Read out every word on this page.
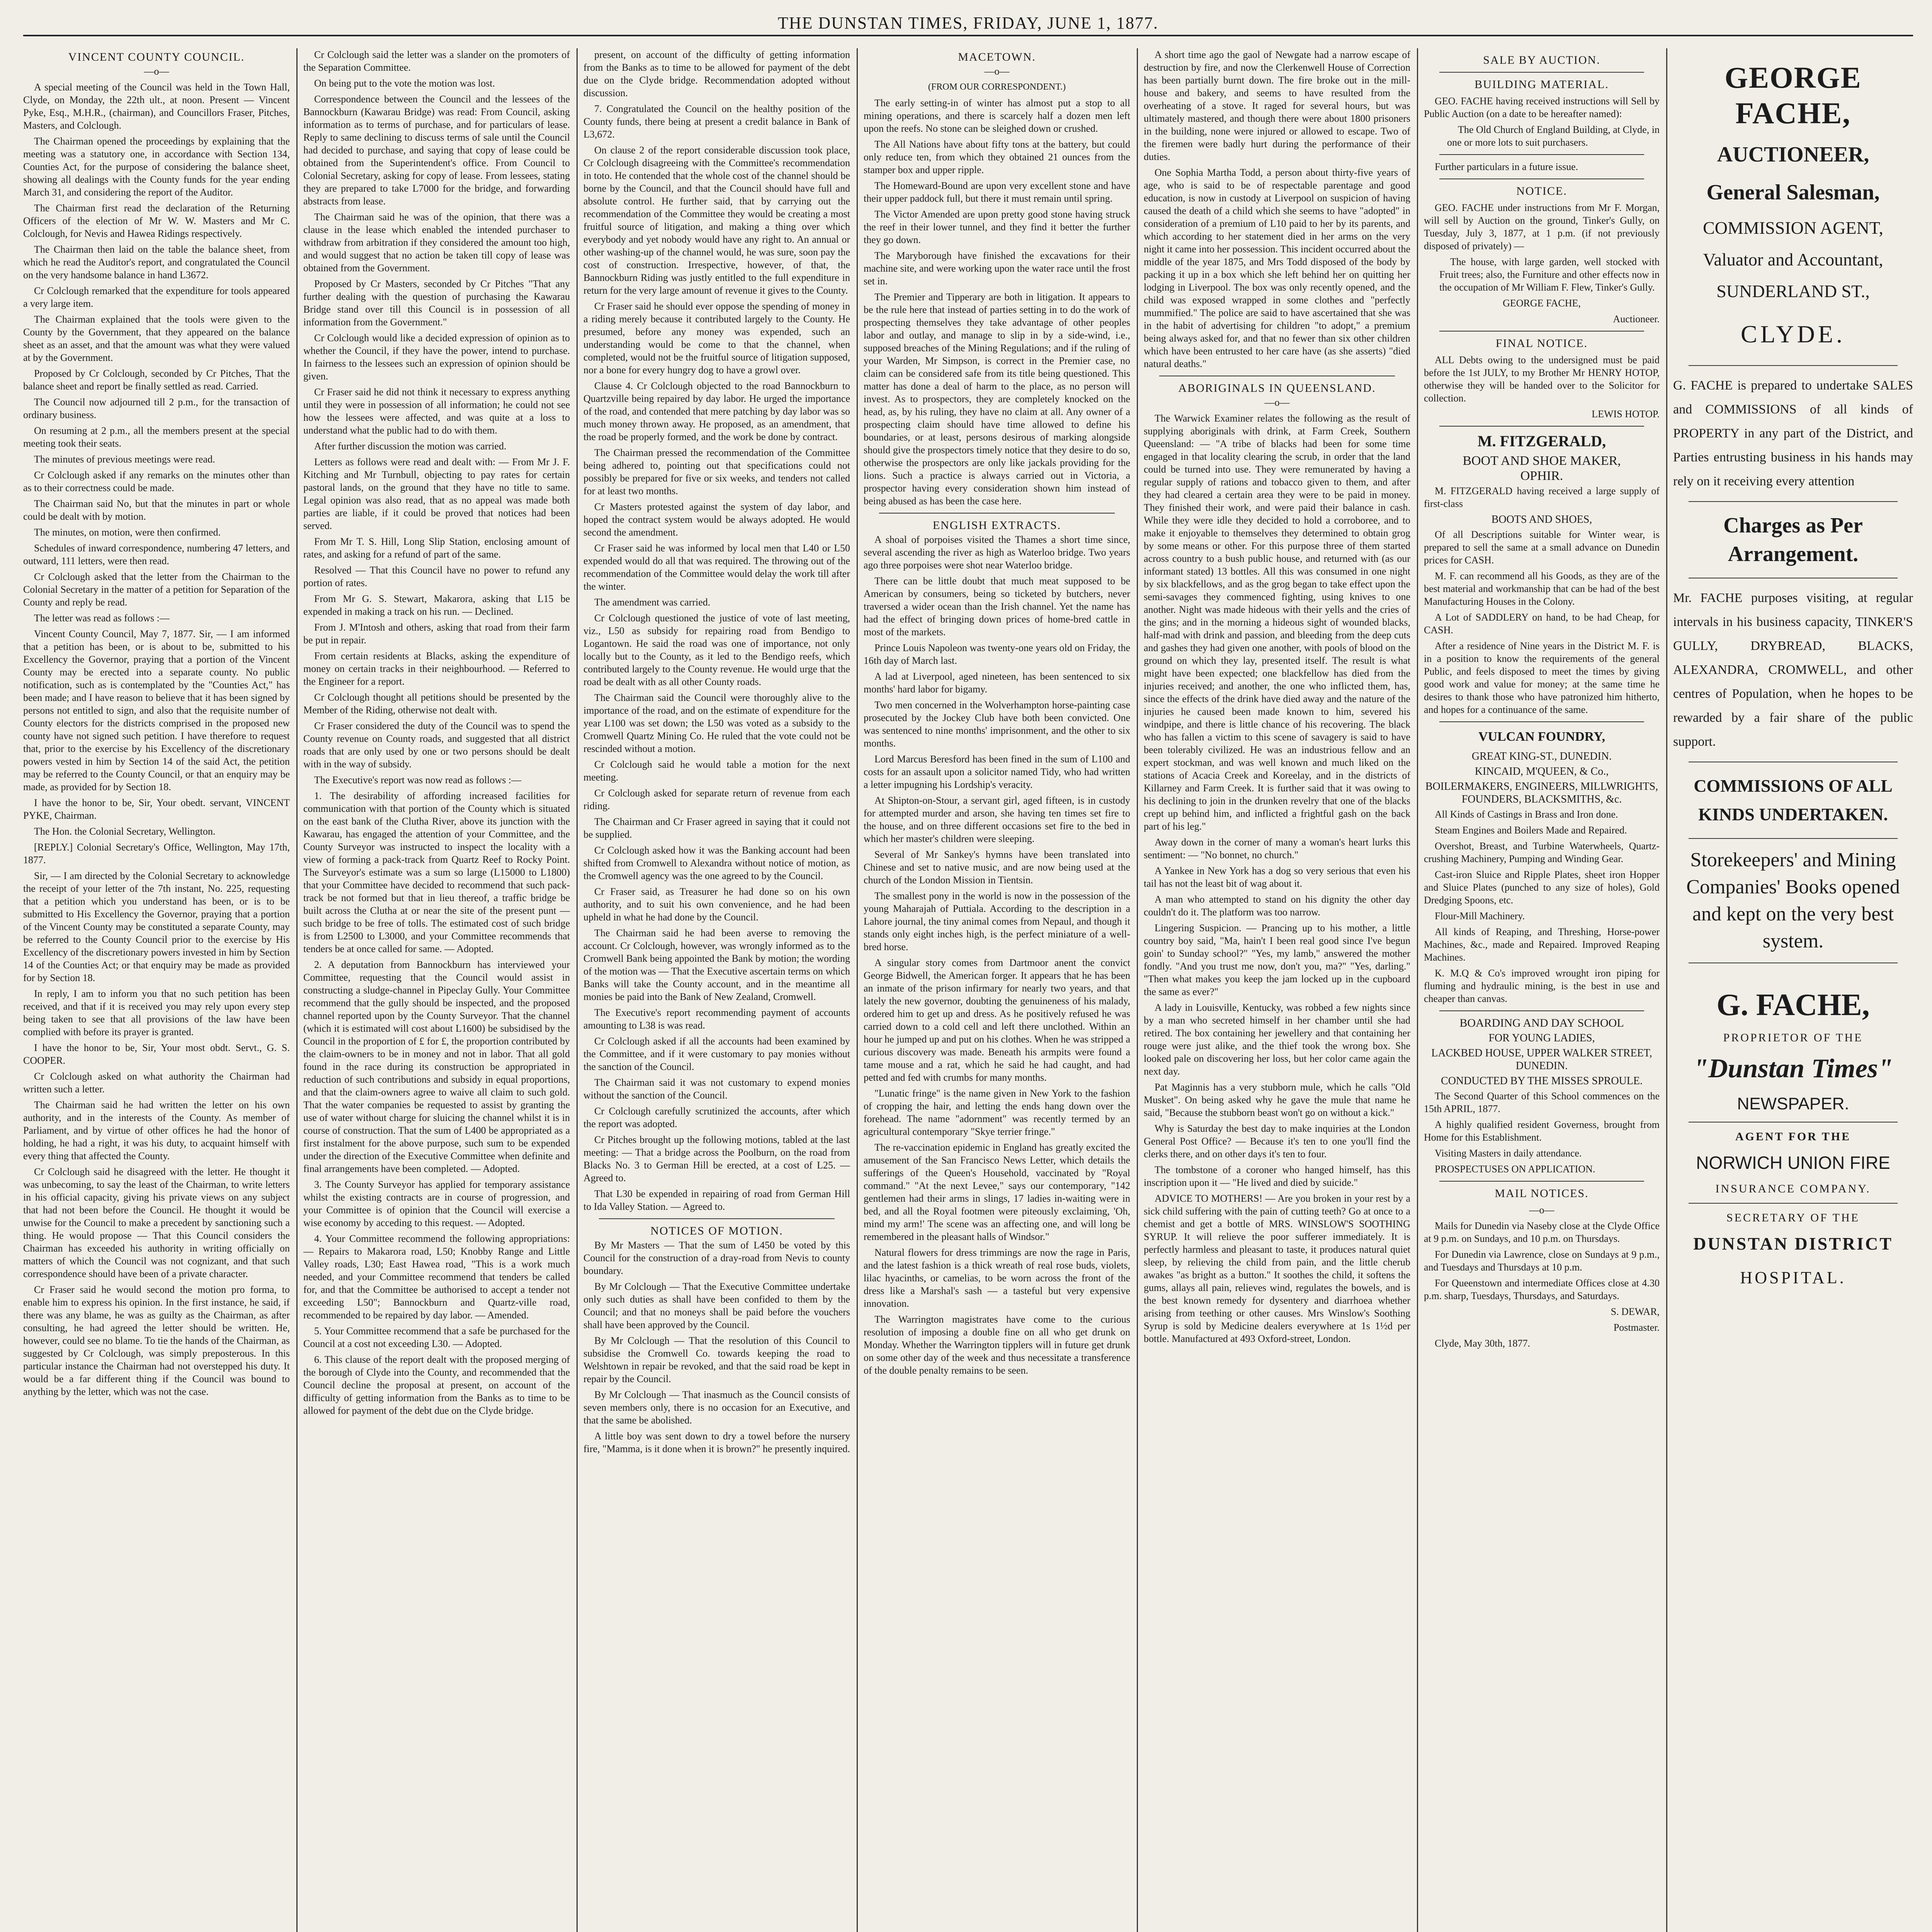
THE DUNSTAN TIMES, FRIDAY, JUNE 1, 1877.
VINCENT COUNTY COUNCIL.
—o—

A special meeting of the Council was held in the Town Hall, Clyde, on Monday, the 22th ult., at noon. Present — Vincent Pyke, Esq., M.H.R., (chairman), and Councillors Fraser, Pitches, Masters, and Colclough.

The Chairman opened the proceedings by explaining that the meeting was a statutory one, in accordance with Section 134, Counties Act, for the purpose of considering the balance sheet, showing all dealings with the County funds for the year ending March 31, and considering the report of the Auditor.

The Chairman first read the declaration of the Returning Officers of the election of Mr W. W. Masters and Mr C. Colclough, for Nevis and Hawea Ridings respectively.

The Chairman then laid on the table the balance sheet, from which he read the Auditor's report, and congratulated the Council on the very handsome balance in hand L3672.

Cr Colclough remarked that the expenditure for tools appeared a very large item.

The Chairman explained that the tools were given to the County by the Government, that they appeared on the balance sheet as an asset, and that the amount was what they were valued at by the Government.

Proposed by Cr Colclough, seconded by Cr Pitches, That the balance sheet and report be finally settled as read. Carried.

The Council now adjourned till 2 p.m., for the transaction of ordinary business.

On resuming at 2 p.m., all the members present at the special meeting took their seats.

The minutes of previous meetings were read.

Cr Colclough asked if any remarks on the minutes other than as to their correctness could be made.

The Chairman said No, but that the minutes in part or whole could be dealt with by motion.

The minutes, on motion, were then confirmed.

Schedules of inward correspondence, numbering 47 letters, and outward, 111 letters, were then read.

Cr Colclough asked that the letter from the Chairman to the Colonial Secretary in the matter of a petition for Separation of the County and reply be read.

The letter was read as follows :—

Vincent County Council, May 7, 1877. Sir, — I am informed that a petition has been, or is about to be, submitted to his Excellency the Governor, praying that a portion of the Vincent County may be erected into a separate county. No public notification, such as is contemplated by the "Counties Act," has been made; and I have reason to believe that it has been signed by persons not entitled to sign, and also that the requisite number of County electors for the districts comprised in the proposed new county have not signed such petition. I have therefore to request that, prior to the exercise by his Excellency of the discretionary powers vested in him by Section 14 of the said Act, the petition may be referred to the County Council, or that an enquiry may be made, as provided for by Section 18.

I have the honor to be, Sir, Your obedt. servant, VINCENT PYKE, Chairman.

The Hon. the Colonial Secretary, Wellington.

[REPLY.] Colonial Secretary's Office, Wellington, May 17th, 1877.

Sir, — I am directed by the Colonial Secretary to acknowledge the receipt of your letter of the 7th instant, No. 225, requesting that a petition which you understand has been, or is to be submitted to His Excellency the Governor, praying that a portion of the Vincent County may be constituted a separate County, may be referred to the County Council prior to the exercise by His Excellency of the discretionary powers invested in him by Section 14 of the Counties Act; or that enquiry may be made as provided for by Section 18.

In reply, I am to inform you that no such petition has been received, and that if it is received you may rely upon every step being taken to see that all provisions of the law have been complied with before its prayer is granted.

I have the honor to be, Sir, Your most obdt. Servt., G. S. COOPER.

Cr Colclough asked on what authority the Chairman had written such a letter.

The Chairman said he had written the letter on his own authority, and in the interests of the County. As member of Parliament, and by virtue of other offices he had the honor of holding, he had a right, it was his duty, to acquaint himself with every thing that affected the County.

Cr Colclough said he disagreed with the letter. He thought it was unbecoming, to say the least of the Chairman, to write letters in his official capacity, giving his private views on any subject that had not been before the Council. He thought it would be unwise for the Council to make a precedent by sanctioning such a thing. He would propose — That this Council considers the Chairman has exceeded his authority in writing officially on matters of which the Council was not cognizant, and that such correspondence should have been of a private character.

Cr Fraser said he would second the motion pro forma, to enable him to express his opinion. In the first instance, he said, if there was any blame, he was as guilty as the Chairman, as after consulting, he had agreed the letter should be written. He, however, could see no blame. To tie the hands of the Chairman, as suggested by Cr Colclough, was simply preposterous. In this particular instance the Chairman had not overstepped his duty. It would be a far different thing if the Council was bound to anything by the letter, which was not the case.

Cr Colclough said the letter was a slander on the promoters of the Separation Committee.

On being put to the vote the motion was lost.

Correspondence between the Council and the lessees of the Bannockburn (Kawarau Bridge) was read: From Council, asking information as to terms of purchase, and for particulars of lease. Reply to same declining to discuss terms of sale until the Council had decided to purchase, and saying that copy of lease could be obtained from the Superintendent's office. From Council to Colonial Secretary, asking for copy of lease. From lessees, stating they are prepared to take L7000 for the bridge, and forwarding abstracts from lease.

The Chairman said he was of the opinion, that there was a clause in the lease which enabled the intended purchaser to withdraw from arbitration if they considered the amount too high, and would suggest that no action be taken till copy of lease was obtained from the Government.

Proposed by Cr Masters, seconded by Cr Pitches "That any further dealing with the question of purchasing the Kawarau Bridge stand over till this Council is in possession of all information from the Government."

Cr Colclough would like a decided expression of opinion as to whether the Council, if they have the power, intend to purchase. In fairness to the lessees such an expression of opinion should be given.

Cr Fraser said he did not think it necessary to express anything until they were in possession of all information; he could not see how the lessees were affected, and was quite at a loss to understand what the public had to do with them.

After further discussion the motion was carried.

Letters as follows were read and dealt with: — From Mr J. F. Kitching and Mr Turnbull, objecting to pay rates for certain pastoral lands, on the ground that they have no title to same. Legal opinion was also read, that as no appeal was made both parties are liable, if it could be proved that notices had been served.

From Mr T. S. Hill, Long Slip Station, enclosing amount of rates, and asking for a refund of part of the same.

Resolved — That this Council have no power to refund any portion of rates.

From Mr G. S. Stewart, Makarora, asking that L15 be expended in making a track on his run. — Declined.

From J. M'Intosh and others, asking that road from their farm be put in repair.

From certain residents at Blacks, asking the expenditure of money on certain tracks in their neighbourhood. — Referred to the Engineer for a report.

Cr Colclough thought all petitions should be presented by the Member of the Riding, otherwise not dealt with.

Cr Fraser considered the duty of the Council was to spend the County revenue on County roads, and suggested that all district roads that are only used by one or two persons should be dealt with in the way of subsidy.

The Executive's report was now read as follows :—

1. The desirability of affording increased facilities for communication with that portion of the County which is situated on the east bank of the Clutha River, above its junction with the Kawarau, has engaged the attention of your Committee, and the County Surveyor was instructed to inspect the locality with a view of forming a pack-track from Quartz Reef to Rocky Point. The Surveyor's estimate was a sum so large (L15000 to L1800) that your Committee have decided to recommend that such pack-track be not formed but that in lieu thereof, a traffic bridge be built across the Clutha at or near the site of the present punt — such bridge to be free of tolls. The estimated cost of such bridge is from L2500 to L3000, and your Committee recommends that tenders be at once called for same. — Adopted.

2. A deputation from Bannockburn has interviewed your Committee, requesting that the Council would assist in constructing a sludge-channel in Pipeclay Gully. Your Committee recommend that the gully should be inspected, and the proposed channel reported upon by the County Surveyor. That the channel (which it is estimated will cost about L1600) be subsidised by the Council in the proportion of £ for £, the proportion contributed by the claim-owners to be in money and not in labor. That all gold found in the race during its construction be appropriated in reduction of such contributions and subsidy in equal proportions, and that the claim-owners agree to waive all claim to such gold. That the water companies be requested to assist by granting the use of water without charge for sluicing the channel whilst it is in course of construction. That the sum of L400 be appropriated as a first instalment for the above purpose, such sum to be expended under the direction of the Executive Committee when definite and final arrangements have been completed. — Adopted.

3. The County Surveyor has applied for temporary assistance whilst the existing contracts are in course of progression, and your Committee is of opinion that the Council will exercise a wise economy by acceding to this request. — Adopted.

4. Your Committee recommend the following appropriations: — Repairs to Makarora road, L50; Knobby Range and Little Valley roads, L30; East Hawea road, "This is a work much needed, and your Committee recommend that tenders be called for, and that the Committee be authorised to accept a tender not exceeding L50"; Bannockburn and Quartz-ville road, recommended to be repaired by day labor. — Amended.

5. Your Committee recommend that a safe be purchased for the Council at a cost not exceeding L30. — Adopted.

6. This clause of the report dealt with the proposed merging of the borough of Clyde into the County, and recommended that the Council decline the proposal at present, on account of the difficulty of getting information from the Banks as to time to be allowed for payment of the debt due on the Clyde bridge.

present, on account of the difficulty of getting information from the Banks as to time to be allowed for payment of the debt due on the Clyde bridge. Recommendation adopted without discussion.

7. Congratulated the Council on the healthy position of the County funds, there being at present a credit balance in Bank of L3,672.

On clause 2 of the report considerable discussion took place, Cr Colclough disagreeing with the Committee's recommendation in toto. He contended that the whole cost of the channel should be borne by the Council, and that the Council should have full and absolute control. He further said, that by carrying out the recommendation of the Committee they would be creating a most fruitful source of litigation, and making a thing over which everybody and yet nobody would have any right to. An annual or other washing-up of the channel would, he was sure, soon pay the cost of construction. Irrespective, however, of that, the Bannockburn Riding was justly entitled to the full expenditure in return for the very large amount of revenue it gives to the County.

Cr Fraser said he should ever oppose the spending of money in a riding merely because it contributed largely to the County. He presumed, before any money was expended, such an understanding would be come to that the channel, when completed, would not be the fruitful source of litigation supposed, nor a bone for every hungry dog to have a growl over.

Clause 4. Cr Colclough objected to the road Bannockburn to Quartzville being repaired by day labor. He urged the importance of the road, and contended that mere patching by day labor was so much money thrown away. He proposed, as an amendment, that the road be properly formed, and the work be done by contract.

The Chairman pressed the recommendation of the Committee being adhered to, pointing out that specifications could not possibly be prepared for five or six weeks, and tenders not called for at least two months.

Cr Masters protested against the system of day labor, and hoped the contract system would be always adopted. He would second the amendment.

Cr Fraser said he was informed by local men that L40 or L50 expended would do all that was required. The throwing out of the recommendation of the Committee would delay the work till after the winter.

The amendment was carried.

Cr Colclough questioned the justice of vote of last meeting, viz., L50 as subsidy for repairing road from Bendigo to Logantown. He said the road was one of importance, not only locally but to the County, as it led to the Bendigo reefs, which contributed largely to the County revenue. He would urge that the road be dealt with as all other County roads.

The Chairman said the Council were thoroughly alive to the importance of the road, and on the estimate of expenditure for the year L100 was set down; the L50 was voted as a subsidy to the Cromwell Quartz Mining Co. He ruled that the vote could not be rescinded without a motion.

Cr Colclough said he would table a motion for the next meeting.

Cr Colclough asked for separate return of revenue from each riding.

The Chairman and Cr Fraser agreed in saying that it could not be supplied.

Cr Colclough asked how it was the Banking account had been shifted from Cromwell to Alexandra without notice of motion, as the Cromwell agency was the one agreed to by the Council.

Cr Fraser said, as Treasurer he had done so on his own authority, and to suit his own convenience, and he had been upheld in what he had done by the Council.

The Chairman said he had been averse to removing the account. Cr Colclough, however, was wrongly informed as to the Cromwell Bank being appointed the Bank by motion; the wording of the motion was — That the Executive ascertain terms on which Banks will take the County account, and in the meantime all monies be paid into the Bank of New Zealand, Cromwell.

The Executive's report recommending payment of accounts amounting to L38 is was read.

Cr Colclough asked if all the accounts had been examined by the Committee, and if it were customary to pay monies without the sanction of the Council.

The Chairman said it was not customary to expend monies without the sanction of the Council.

Cr Colclough carefully scrutinized the accounts, after which the report was adopted.

Cr Pitches brought up the following motions, tabled at the last meeting: — That a bridge across the Poolburn, on the road from Blacks No. 3 to German Hill be erected, at a cost of L25. — Agreed to.

That L30 be expended in repairing of road from German Hill to Ida Valley Station. — Agreed to.

NOTICES OF MOTION.

By Mr Masters — That the sum of L450 be voted by this Council for the construction of a dray-road from Nevis to county boundary.

By Mr Colclough — That the Executive Committee undertake only such duties as shall have been confided to them by the Council; and that no moneys shall be paid before the vouchers shall have been approved by the Council.

By Mr Colclough — That the resolution of this Council to subsidise the Cromwell Co. towards keeping the road to Welshtown in repair be revoked, and that the said road be kept in repair by the Council.

By Mr Colclough — That inasmuch as the Council consists of seven members only, there is no occasion for an Executive, and that the same be abolished.

A little boy was sent down to dry a towel before the nursery fire, "Mamma, is it done when it is brown?" he presently inquired.

MACETOWN.
—o—
(FROM OUR CORRESPONDENT.)

The early setting-in of winter has almost put a stop to all mining operations, and there is scarcely half a dozen men left upon the reefs. No stone can be sleighed down or crushed.

The All Nations have about fifty tons at the battery, but could only reduce ten, from which they obtained 21 ounces from the stamper box and upper ripple.

The Homeward-Bound are upon very excellent stone and have their upper paddock full, but there it must remain until spring.

The Victor Amended are upon pretty good stone having struck the reef in their lower tunnel, and they find it better the further they go down.

The Maryborough have finished the excavations for their machine site, and were working upon the water race until the frost set in.

The Premier and Tipperary are both in litigation. It appears to be the rule here that instead of parties setting in to do the work of prospecting themselves they take advantage of other peoples labor and outlay, and manage to slip in by a side-wind, i.e., supposed breaches of the Mining Regulations; and if the ruling of your Warden, Mr Simpson, is correct in the Premier case, no claim can be considered safe from its title being questioned. This matter has done a deal of harm to the place, as no person will invest. As to prospectors, they are completely knocked on the head, as, by his ruling, they have no claim at all. Any owner of a prospecting claim should have time allowed to define his boundaries, or at least, persons desirous of marking alongside should give the prospectors timely notice that they desire to do so, otherwise the prospectors are only like jackals providing for the lions. Such a practice is always carried out in Victoria, a prospector having every consideration shown him instead of being abused as has been the case here.

ENGLISH EXTRACTS.

A shoal of porpoises visited the Thames a short time since, several ascending the river as high as Waterloo bridge. Two years ago three porpoises were shot near Waterloo bridge.

There can be little doubt that much meat supposed to be American by consumers, being so ticketed by butchers, never traversed a wider ocean than the Irish channel. Yet the name has had the effect of bringing down prices of home-bred cattle in most of the markets.

Prince Louis Napoleon was twenty-one years old on Friday, the 16th day of March last.

A lad at Liverpool, aged nineteen, has been sentenced to six months' hard labor for bigamy.

Two men concerned in the Wolverhampton horse-painting case prosecuted by the Jockey Club have both been convicted. One was sentenced to nine months' imprisonment, and the other to six months.

Lord Marcus Beresford has been fined in the sum of L100 and costs for an assault upon a solicitor named Tidy, who had written a letter impugning his Lordship's veracity.

At Shipton-on-Stour, a servant girl, aged fifteen, is in custody for attempted murder and arson, she having ten times set fire to the house, and on three different occasions set fire to the bed in which her master's children were sleeping.

Several of Mr Sankey's hymns have been translated into Chinese and set to native music, and are now being used at the church of the London Mission in Tientsin.

The smallest pony in the world is now in the possession of the young Maharajah of Puttiala. According to the description in a Lahore journal, the tiny animal comes from Nepaul, and though it stands only eight inches high, is the perfect miniature of a well-bred horse.

A singular story comes from Dartmoor anent the convict George Bidwell, the American forger. It appears that he has been an inmate of the prison infirmary for nearly two years, and that lately the new governor, doubting the genuineness of his malady, ordered him to get up and dress. As he positively refused he was carried down to a cold cell and left there unclothed. Within an hour he jumped up and put on his clothes. When he was stripped a curious discovery was made. Beneath his armpits were found a tame mouse and a rat, which he said he had caught, and had petted and fed with crumbs for many months.

"Lunatic fringe" is the name given in New York to the fashion of cropping the hair, and letting the ends hang down over the forehead. The name "adornment" was recently termed by an agricultural contemporary "Skye terrier fringe."

The re-vaccination epidemic in England has greatly excited the amusement of the San Francisco News Letter, which details the sufferings of the Queen's Household, vaccinated by "Royal command." "At the next Levee," says our contemporary, "142 gentlemen had their arms in slings, 17 ladies in-waiting were in bed, and all the Royal footmen were piteously exclaiming, 'Oh, mind my arm!' The scene was an affecting one, and will long be remembered in the pleasant halls of Windsor."

Natural flowers for dress trimmings are now the rage in Paris, and the latest fashion is a thick wreath of real rose buds, violets, lilac hyacinths, or camelias, to be worn across the front of the dress like a Marshal's sash — a tasteful but very expensive innovation.

The Warrington magistrates have come to the curious resolution of imposing a double fine on all who get drunk on Monday. Whether the Warrington tipplers will in future get drunk on some other day of the week and thus necessitate a transference of the double penalty remains to be seen.

A short time ago the gaol of Newgate had a narrow escape of destruction by fire, and now the Clerkenwell House of Correction has been partially burnt down. The fire broke out in the mill-house and bakery, and seems to have resulted from the overheating of a stove. It raged for several hours, but was ultimately mastered, and though there were about 1800 prisoners in the building, none were injured or allowed to escape. Two of the firemen were badly hurt during the performance of their duties.

One Sophia Martha Todd, a person about thirty-five years of age, who is said to be of respectable parentage and good education, is now in custody at Liverpool on suspicion of having caused the death of a child which she seems to have "adopted" in consideration of a premium of L10 paid to her by its parents, and which according to her statement died in her arms on the very night it came into her possession. This incident occurred about the middle of the year 1875, and Mrs Todd disposed of the body by packing it up in a box which she left behind her on quitting her lodging in Liverpool. The box was only recently opened, and the child was exposed wrapped in some clothes and "perfectly mummified." The police are said to have ascertained that she was in the habit of advertising for children "to adopt," a premium being always asked for, and that no fewer than six other children which have been entrusted to her care have (as she asserts) "died natural deaths."

ABORIGINALS IN QUEENSLAND.
—o—

The Warwick Examiner relates the following as the result of supplying aboriginals with drink, at Farm Creek, Southern Queensland: — "A tribe of blacks had been for some time engaged in that locality clearing the scrub, in order that the land could be turned into use. They were remunerated by having a regular supply of rations and tobacco given to them, and after they had cleared a certain area they were to be paid in money. They finished their work, and were paid their balance in cash. While they were idle they decided to hold a corroboree, and to make it enjoyable to themselves they determined to obtain grog by some means or other. For this purpose three of them started across country to a bush public house, and returned with (as our informant stated) 13 bottles. All this was consumed in one night by six blackfellows, and as the grog began to take effect upon the semi-savages they commenced fighting, using knives to one another. Night was made hideous with their yells and the cries of the gins; and in the morning a hideous sight of wounded blacks, half-mad with drink and passion, and bleeding from the deep cuts and gashes they had given one another, with pools of blood on the ground on which they lay, presented itself. The result is what might have been expected; one blackfellow has died from the injuries received; and another, the one who inflicted them, has, since the effects of the drink have died away and the nature of the injuries he caused been made known to him, severed his windpipe, and there is little chance of his recovering. The black who has fallen a victim to this scene of savagery is said to have been tolerably civilized. He was an industrious fellow and an expert stockman, and was well known and much liked on the stations of Acacia Creek and Koreelay, and in the districts of Killarney and Farm Creek. It is further said that it was owing to his declining to join in the drunken revelry that one of the blacks crept up behind him, and inflicted a frightful gash on the back part of his leg."

Away down in the corner of many a woman's heart lurks this sentiment: — "No bonnet, no church."

A Yankee in New York has a dog so very serious that even his tail has not the least bit of wag about it.

A man who attempted to stand on his dignity the other day couldn't do it. The platform was too narrow.

Lingering Suspicion. — Prancing up to his mother, a little country boy said, "Ma, hain't I been real good since I've begun goin' to Sunday school?" "Yes, my lamb," answered the mother fondly. "And you trust me now, don't you, ma?" "Yes, darling." "Then what makes you keep the jam locked up in the cupboard the same as ever?"

A lady in Louisville, Kentucky, was robbed a few nights since by a man who secreted himself in her chamber until she had retired. The box containing her jewellery and that containing her rouge were just alike, and the thief took the wrong box. She looked pale on discovering her loss, but her color came again the next day.

Pat Maginnis has a very stubborn mule, which he calls "Old Musket". On being asked why he gave the mule that name he said, "Because the stubborn beast won't go on without a kick."

Why is Saturday the best day to make inquiries at the London General Post Office? — Because it's ten to one you'll find the clerks there, and on other days it's ten to four.

The tombstone of a coroner who hanged himself, has this inscription upon it — "He lived and died by suicide."

ADVICE TO MOTHERS! — Are you broken in your rest by a sick child suffering with the pain of cutting teeth? Go at once to a chemist and get a bottle of MRS. WINSLOW'S SOOTHING SYRUP. It will relieve the poor sufferer immediately. It is perfectly harmless and pleasant to taste, it produces natural quiet sleep, by relieving the child from pain, and the little cherub awakes "as bright as a button." It soothes the child, it softens the gums, allays all pain, relieves wind, regulates the bowels, and is the best known remedy for dysentery and diarrhoea whether arising from teething or other causes. Mrs Winslow's Soothing Syrup is sold by Medicine dealers everywhere at 1s 1½d per bottle. Manufactured at 493 Oxford-street, London.

SALE BY AUCTION.
BUILDING MATERIAL.

GEO. FACHE having received instructions will Sell by Public Auction (on a date to be hereafter named):

The Old Church of England Building, at Clyde, in one or more lots to suit purchasers.

Further particulars in a future issue.

NOTICE.

GEO. FACHE under instructions from Mr F. Morgan, will sell by Auction on the ground, Tinker's Gully, on Tuesday, July 3, 1877, at 1 p.m. (if not previously disposed of privately) —

The house, with large garden, well stocked with Fruit trees; also, the Furniture and other effects now in the occupation of Mr William F. Flew, Tinker's Gully.

GEORGE FACHE,

Auctioneer.

FINAL NOTICE.

ALL Debts owing to the undersigned must be paid before the 1st JULY, to my Brother Mr HENRY HOTOP, otherwise they will be handed over to the Solicitor for collection.

LEWIS HOTOP.

M. FITZGERALD,
BOOT AND SHOE MAKER,
OPHIR.

M. FITZGERALD having received a large supply of first-class

BOOTS AND SHOES,

Of all Descriptions suitable for Winter wear, is prepared to sell the same at a small advance on Dunedin prices for CASH.

M. F. can recommend all his Goods, as they are of the best material and workmanship that can be had of the best Manufacturing Houses in the Colony.

A Lot of SADDLERY on hand, to be had Cheap, for CASH.

After a residence of Nine years in the District M. F. is in a position to know the requirements of the general Public, and feels disposed to meet the times by giving good work and value for money; at the same time he desires to thank those who have patronized him hitherto, and hopes for a continuance of the same.

VULCAN FOUNDRY,
GREAT KING-ST., DUNEDIN.
KINCAID, M'QUEEN, & Co.,
BOILERMAKERS, ENGINEERS, MILLWRIGHTS, FOUNDERS, BLACKSMITHS, &c.

All Kinds of Castings in Brass and Iron done.

Steam Engines and Boilers Made and Repaired.

Overshot, Breast, and Turbine Waterwheels, Quartz-crushing Machinery, Pumping and Winding Gear.

Cast-iron Sluice and Ripple Plates, sheet iron Hopper and Sluice Plates (punched to any size of holes), Gold Dredging Spoons, etc.

Flour-Mill Machinery.

All kinds of Reaping, and Threshing, Horse-power Machines, &c., made and Repaired. Improved Reaping Machines.

K. M.Q & Co's improved wrought iron piping for fluming and hydraulic mining, is the best in use and cheaper than canvas.

BOARDING AND DAY SCHOOL
FOR YOUNG LADIES,
LACKBED HOUSE, UPPER WALKER STREET, DUNEDIN.
CONDUCTED BY THE MISSES SPROULE.

The Second Quarter of this School commences on the 15th APRIL, 1877.

A highly qualified resident Governess, brought from Home for this Establishment.

Visiting Masters in daily attendance.

PROSPECTUSES ON APPLICATION.

MAIL NOTICES.
—o—

Mails for Dunedin via Naseby close at the Clyde Office at 9 p.m. on Sundays, and 10 p.m. on Thursdays.

For Dunedin via Lawrence, close on Sundays at 9 p.m., and Tuesdays and Thursdays at 10 p.m.

For Queenstown and intermediate Offices close at 4.30 p.m. sharp, Tuesdays, Thursdays, and Saturdays.

S. DEWAR,

Postmaster.

Clyde, May 30th, 1877.

GEORGE FACHE,
AUCTIONEER,
General Salesman,
COMMISSION AGENT,
Valuator and Accountant,
SUNDERLAND ST.,
CLYDE.
G. FACHE is prepared to undertake SALES and COMMISSIONS of all kinds of PROPERTY in any part of the District, and Parties entrusting business in his hands may rely on it receiving every attention
Charges as Per Arrangement.
Mr. FACHE purposes visiting, at regular intervals in his business capacity, TINKER'S GULLY, DRYBREAD, BLACKS, ALEXANDRA, CROMWELL, and other centres of Population, when he hopes to be rewarded by a fair share of the public support.
COMMISSIONS OF ALL KINDS UNDERTAKEN.
Storekeepers' and Mining Companies' Books opened and kept on the very best system.
G. FACHE,
PROPRIETOR OF THE
"Dunstan Times"
NEWSPAPER.
AGENT FOR THE
NORWICH UNION FIRE
INSURANCE COMPANY.
SECRETARY OF THE
DUNSTAN DISTRICT
HOSPITAL.
